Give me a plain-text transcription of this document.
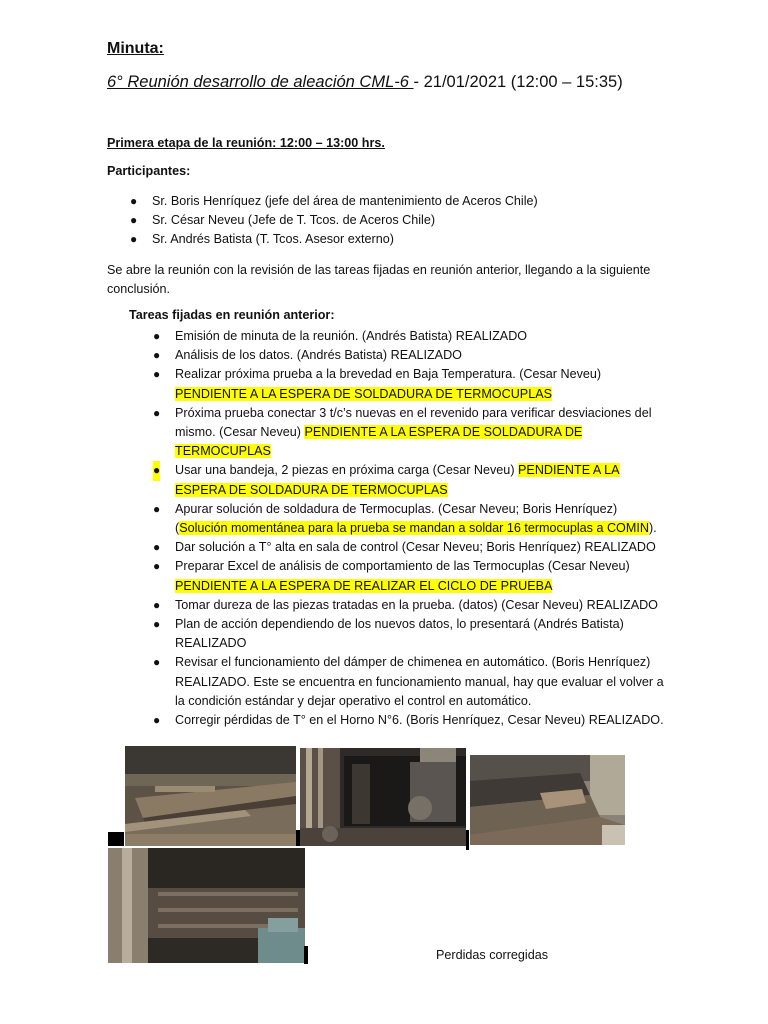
Minuta:
6° Reunión desarrollo de aleación CML-6 - 21/01/2021 (12:00 – 15:35)
Primera etapa de la reunión: 12:00 – 13:00 hrs.
Participantes:
● Sr. Boris Henríquez (jefe del área de mantenimiento de Aceros Chile)
● Sr. César Neveu (Jefe de T. Tcos. de Aceros Chile)
● Sr. Andrés Batista (T. Tcos. Asesor externo)
Se abre la reunión con la revisión de las tareas fijadas en reunión anterior, llegando a la siguiente conclusión.
Tareas fijadas en reunión anterior:
● Emisión de minuta de la reunión. (Andrés Batista) REALIZADO
● Análisis de los datos. (Andrés Batista) REALIZADO
● Realizar próxima prueba a la brevedad en Baja Temperatura. (Cesar Neveu) PENDIENTE A LA ESPERA DE SOLDADURA DE TERMOCUPLAS
● Próxima prueba conectar 3 t/c’s nuevas en el revenido para verificar desviaciones del mismo. (Cesar Neveu) PENDIENTE A LA ESPERA DE SOLDADURA DE TERMOCUPLAS
● Usar una bandeja, 2 piezas en próxima carga (Cesar Neveu) PENDIENTE A LA ESPERA DE SOLDADURA DE TERMOCUPLAS
● Apurar solución de soldadura de Termocuplas. (Cesar Neveu; Boris Henríquez) (Solución momentánea para la prueba se mandan a soldar 16 termocuplas a COMIN).
● Dar solución a T° alta en sala de control (Cesar Neveu; Boris Henríquez) REALIZADO
● Preparar Excel de análisis de comportamiento de las Termocuplas (Cesar Neveu) PENDIENTE A LA ESPERA DE REALIZAR EL CICLO DE PRUEBA
● Tomar dureza de las piezas tratadas en la prueba. (datos) (Cesar Neveu) REALIZADO
● Plan de acción dependiendo de los nuevos datos, lo presentará (Andrés Batista) REALIZADO
● Revisar el funcionamiento del dámper de chimenea en automático. (Boris Henríquez) REALIZADO. Este se encuentra en funcionamiento manual, hay que evaluar el volver a la condición estándar y dejar operativo el control en automático.
● Corregir pérdidas de T° en el Horno N°6. (Boris Henríquez, Cesar Neveu) REALIZADO.
Perdidas corregidas
